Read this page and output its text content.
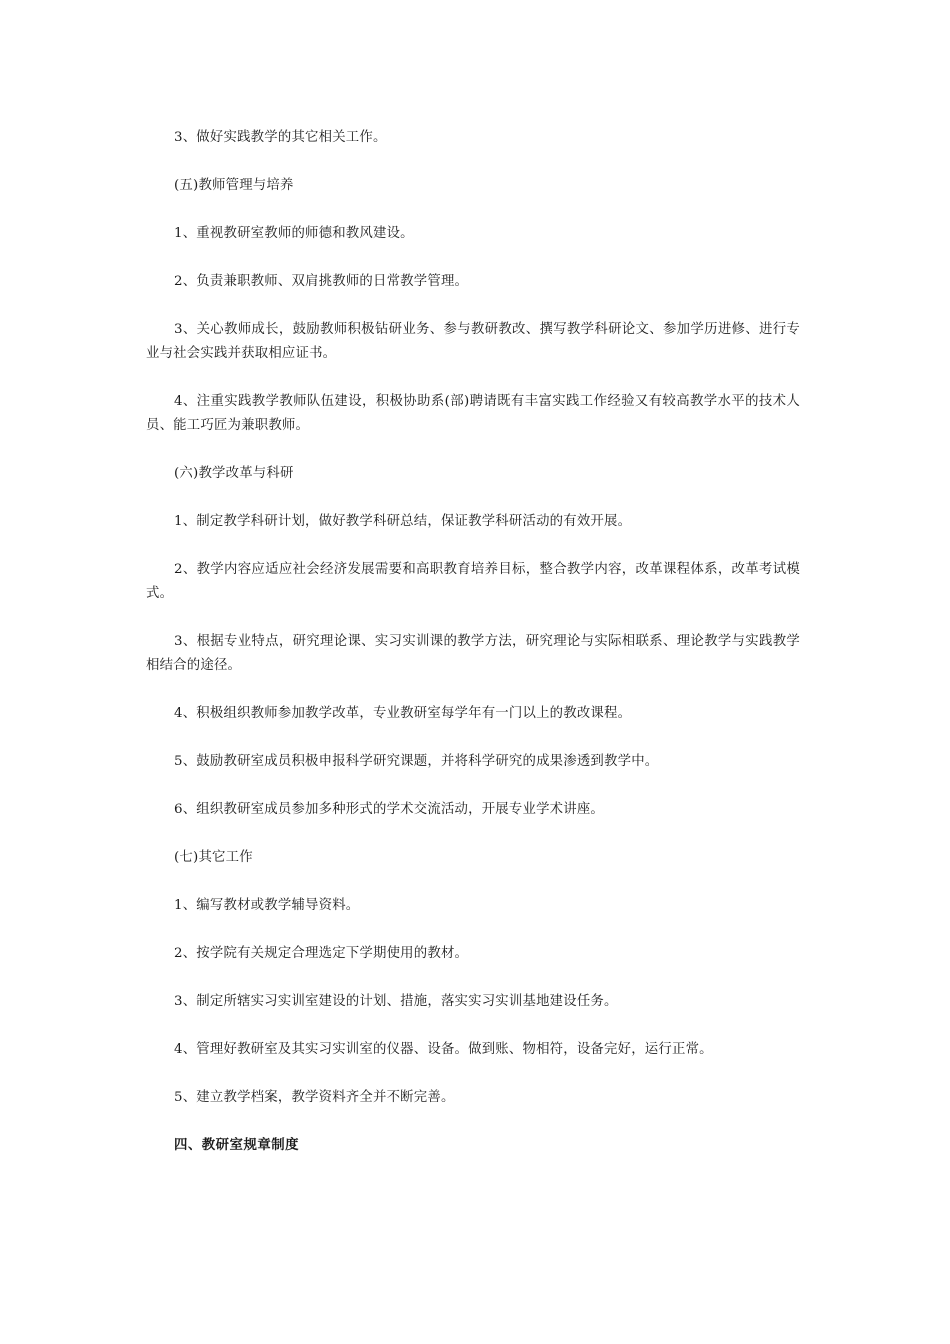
3、做好实践教学的其它相关工作。

(五)教师管理与培养

1、重视教研室教师的师德和教风建设。

2、负责兼职教师、双肩挑教师的日常教学管理。

3、关心教师成长，鼓励教师积极钻研业务、参与教研教改、撰写教学科研论文、参加学历进修、进行专业与社会实践并获取相应证书。

4、注重实践教学教师队伍建设，积极协助系(部)聘请既有丰富实践工作经验又有较高教学水平的技术人员、能工巧匠为兼职教师。

(六)教学改革与科研

1、制定教学科研计划，做好教学科研总结，保证教学科研活动的有效开展。

2、教学内容应适应社会经济发展需要和高职教育培养目标，整合教学内容，改革课程体系，改革考试模式。

3、根据专业特点，研究理论课、实习实训课的教学方法，研究理论与实际相联系、理论教学与实践教学相结合的途径。

4、积极组织教师参加教学改革，专业教研室每学年有一门以上的教改课程。

5、鼓励教研室成员积极申报科学研究课题，并将科学研究的成果渗透到教学中。

6、组织教研室成员参加多种形式的学术交流活动，开展专业学术讲座。

(七)其它工作

1、编写教材或教学辅导资料。

2、按学院有关规定合理选定下学期使用的教材。

3、制定所辖实习实训室建设的计划、措施，落实实习实训基地建设任务。

4、管理好教研室及其实习实训室的仪器、设备。做到账、物相符，设备完好，运行正常。

5、建立教学档案，教学资料齐全并不断完善。

四、教研室规章制度
